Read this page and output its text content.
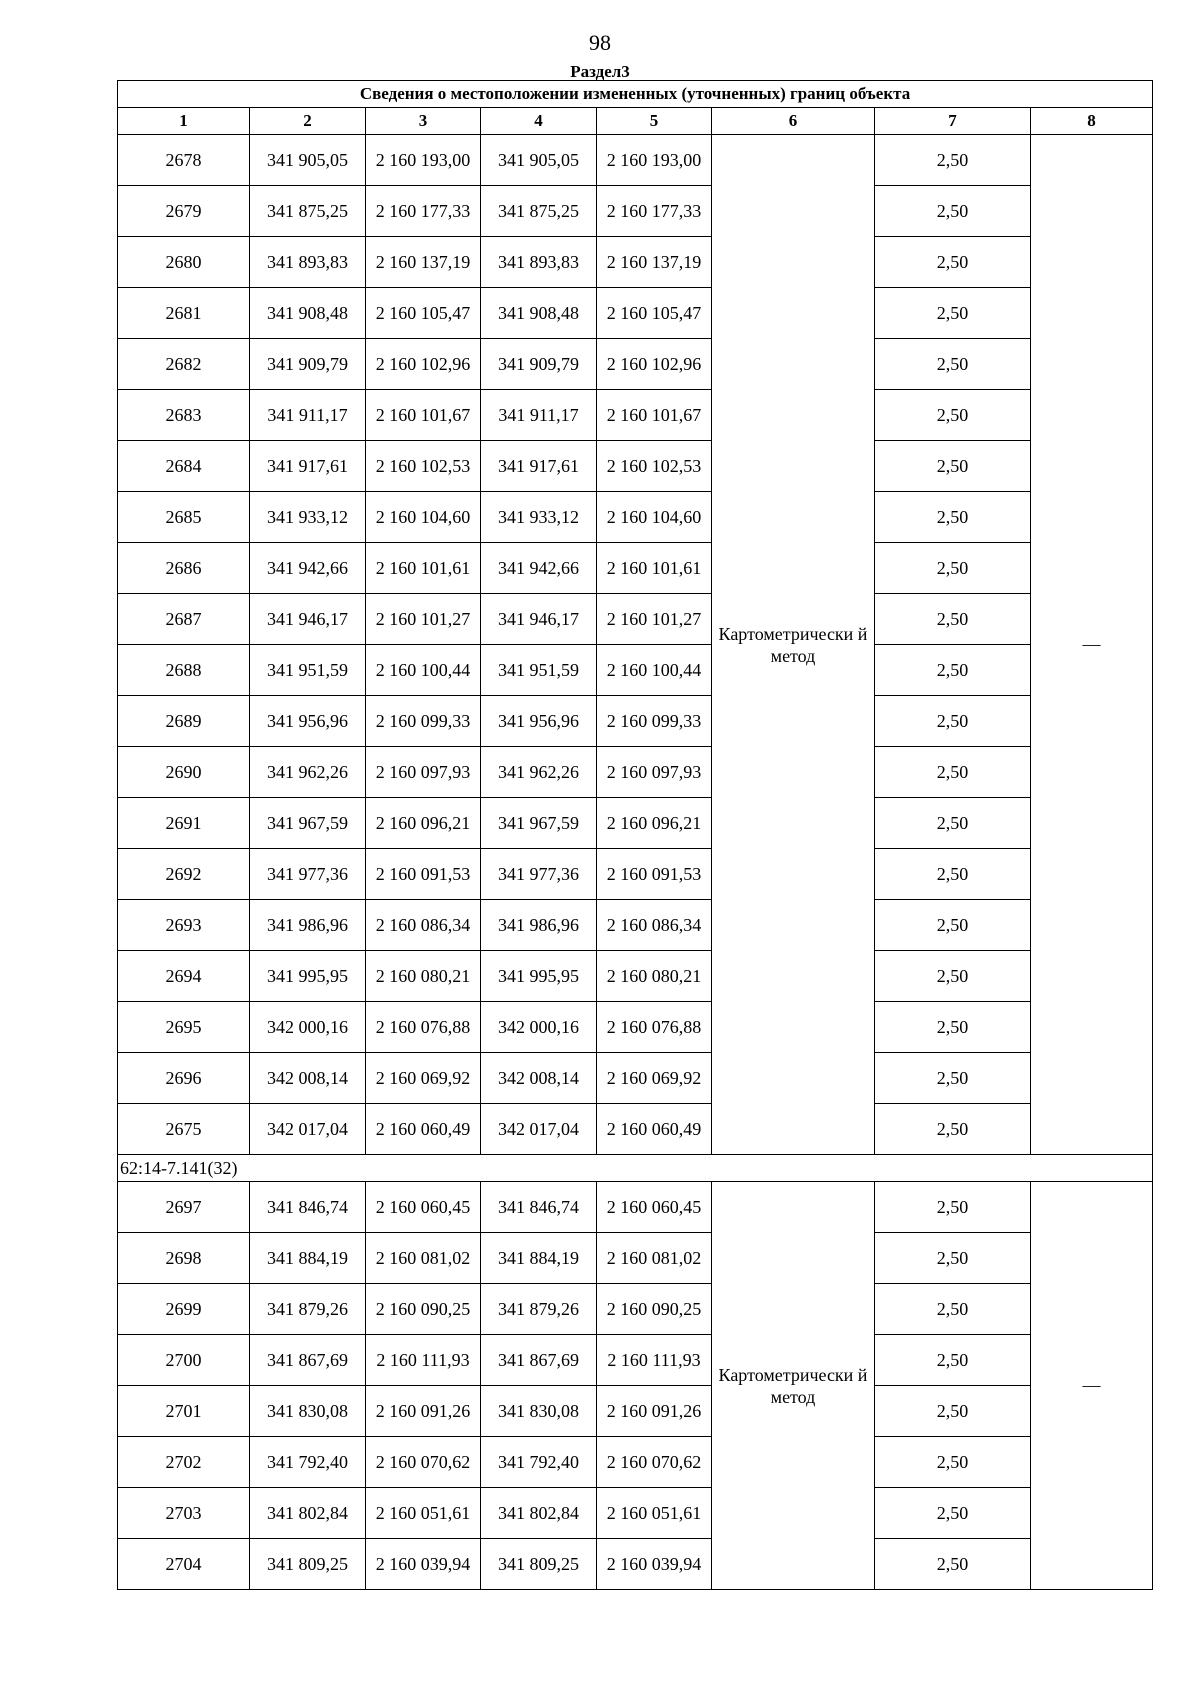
98
Раздел3
Сведения о местоположении измененных (уточненных) границ объекта							
1	2	3	4	5	6	7	8
2678	341 905,05	2 160 193,00	341 905,05	2 160 193,00	Картометрически й метод	2,50	—
2679	341 875,25	2 160 177,33	341 875,25	2 160 177,33		2,50	
2680	341 893,83	2 160 137,19	341 893,83	2 160 137,19		2,50	
2681	341 908,48	2 160 105,47	341 908,48	2 160 105,47		2,50	
2682	341 909,79	2 160 102,96	341 909,79	2 160 102,96		2,50	
2683	341 911,17	2 160 101,67	341 911,17	2 160 101,67		2,50	
2684	341 917,61	2 160 102,53	341 917,61	2 160 102,53		2,50	
2685	341 933,12	2 160 104,60	341 933,12	2 160 104,60		2,50	
2686	341 942,66	2 160 101,61	341 942,66	2 160 101,61		2,50	
2687	341 946,17	2 160 101,27	341 946,17	2 160 101,27		2,50	
2688	341 951,59	2 160 100,44	341 951,59	2 160 100,44		2,50	
2689	341 956,96	2 160 099,33	341 956,96	2 160 099,33		2,50	
2690	341 962,26	2 160 097,93	341 962,26	2 160 097,93		2,50	
2691	341 967,59	2 160 096,21	341 967,59	2 160 096,21		2,50	
2692	341 977,36	2 160 091,53	341 977,36	2 160 091,53		2,50	
2693	341 986,96	2 160 086,34	341 986,96	2 160 086,34		2,50	
2694	341 995,95	2 160 080,21	341 995,95	2 160 080,21		2,50	
2695	342 000,16	2 160 076,88	342 000,16	2 160 076,88		2,50	
2696	342 008,14	2 160 069,92	342 008,14	2 160 069,92		2,50	
2675	342 017,04	2 160 060,49	342 017,04	2 160 060,49		2,50	
62:14-7.141(32)							
2697	341 846,74	2 160 060,45	341 846,74	2 160 060,45	Картометрически й метод	2,50	—
2698	341 884,19	2 160 081,02	341 884,19	2 160 081,02		2,50	
2699	341 879,26	2 160 090,25	341 879,26	2 160 090,25		2,50	
2700	341 867,69	2 160 111,93	341 867,69	2 160 111,93		2,50	
2701	341 830,08	2 160 091,26	341 830,08	2 160 091,26		2,50	
2702	341 792,40	2 160 070,62	341 792,40	2 160 070,62		2,50	
2703	341 802,84	2 160 051,61	341 802,84	2 160 051,61		2,50	
2704	341 809,25	2 160 039,94	341 809,25	2 160 039,94		2,50	
